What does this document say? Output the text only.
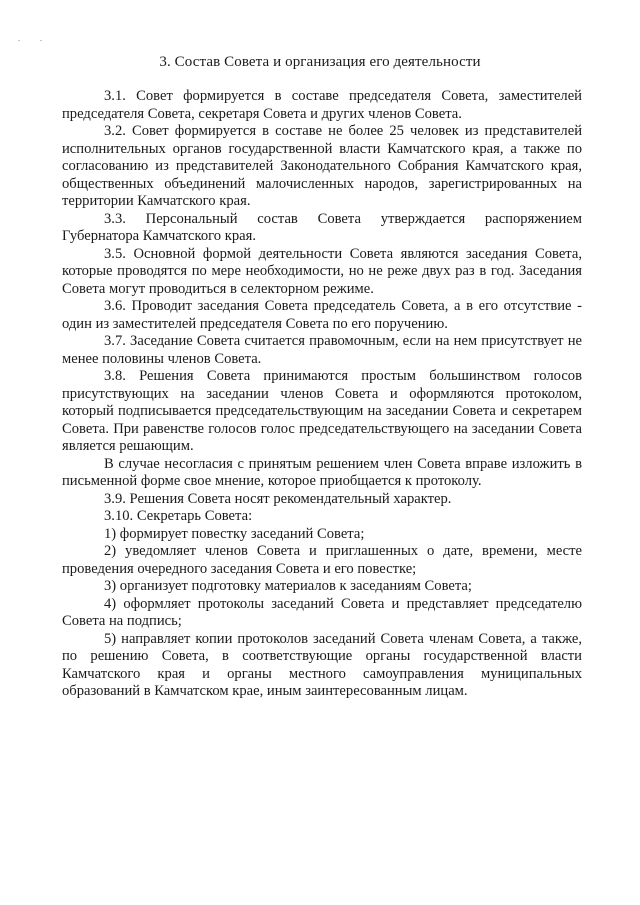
3. Состав Совета и организация его деятельности

3.1. Совет формируется в составе председателя Совета, заместителей председателя Совета, секретаря Совета и других членов Совета.

3.2. Совет формируется в составе не более 25 человек из представителей исполнительных органов государственной власти Камчатского края, а также по согласованию из представителей Законодательного Собрания Камчатского края, общественных объединений малочисленных народов, зарегистрированных на территории Камчатского края.

3.3. Персональный состав Совета утверждается распоряжением Губернатора Камчатского края.

3.5. Основной формой деятельности Совета являются заседания Совета, которые проводятся по мере необходимости, но не реже двух раз в год. Заседания Совета могут проводиться в селекторном режиме.

3.6. Проводит заседания Совета председатель Совета, а в его отсутствие - один из заместителей председателя Совета по его поручению.

3.7. Заседание Совета считается правомочным, если на нем присутствует не менее половины членов Совета.

3.8. Решения Совета принимаются простым большинством голосов присутствующих на заседании членов Совета и оформляются протоколом, который подписывается председательствующим на заседании Совета и секретарем Совета. При равенстве голосов голос председательствующего на заседании Совета является решающим.

В случае несогласия с принятым решением член Совета вправе изложить в письменной форме свое мнение, которое приобщается к протоколу.

3.9. Решения Совета носят рекомендательный характер.

3.10. Секретарь Совета:

1) формирует повестку заседаний Совета;

2) уведомляет членов Совета и приглашенных о дате, времени, месте проведения очередного заседания Совета и его повестке;

3) организует подготовку материалов к заседаниям Совета;

4) оформляет протоколы заседаний Совета и представляет председателю Совета на подпись;

5) направляет копии протоколов заседаний Совета членам Совета, а также, по решению Совета, в соответствующие органы государственной власти Камчатского края и органы местного самоуправления муниципальных образований в Камчатском крае, иным заинтересованным лицам.
